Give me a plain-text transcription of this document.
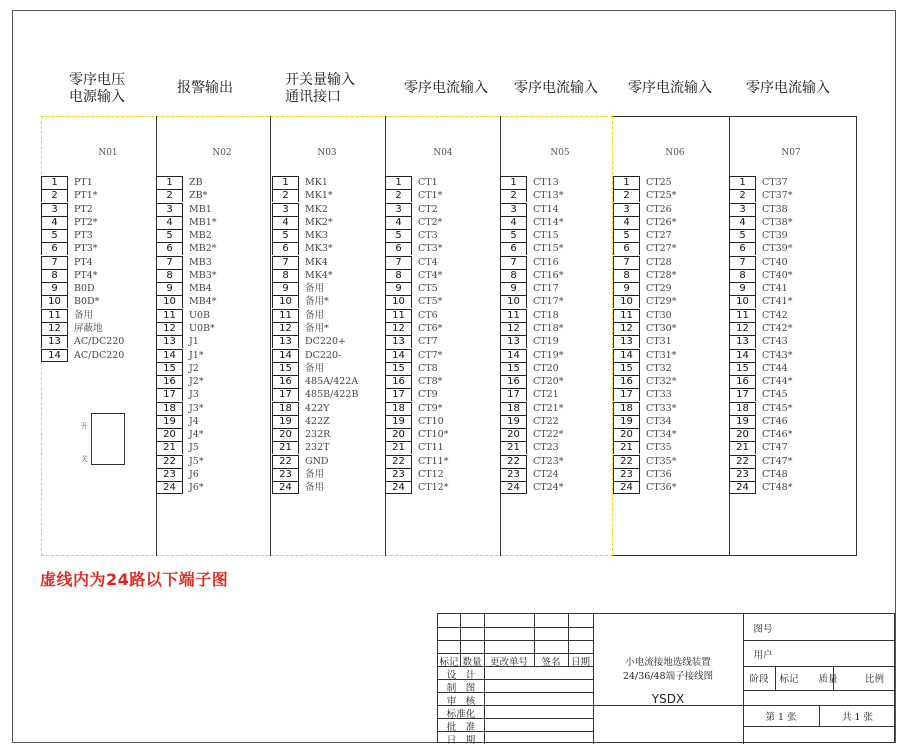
零序电压
电源输入
报警输出	开关量输入
通讯接口
零序电流输入	零序电流输入	零序电流输入	零序电流输入
N01
1	PT1
2	PT1*
3	PT2
4	PT2*
5	PT3
6	PT3*
7	PT4
8	PT4*
9	B0D
10	B0D*
11	备用
12	屏蔽地
13	AC/DC220
14	AC/DC220
N02
1	ZB
2	ZB*
3	MB1
4	MB1*
5	MB2
6	MB2*
7	MB3
8	MB3*
9	MB4
10	MB4*
11	U0B
12	U0B*
13	J1
14	J1*
15	J2
16	J2*
17	J3
18	J3*
19	J4
20	J4*
21	J5
22	J5*
23	J6
24	J6*
N03
1	MK1
2	MK1*
3	MK2
4	MK2*
5	MK3
6	MK3*
7	MK4
8	MK4*
9	备用
10	备用*
11	备用
12	备用*
13	DC220+
14	DC220-
15	备用
16	485A/422A
17	485B/422B
18	422Y
19	422Z
20	232R
21	232T
22	GND
23	备用
24	备用
N04
1	CT1
2	CT1*
3	CT2
4	CT2*
5	CT3
6	CT3*
7	CT4
8	CT4*
9	CT5
10	CT5*
11	CT6
12	CT6*
13	CT7
14	CT7*
15	CT8
16	CT8*
17	CT9
18	CT9*
19	CT10
20	CT10*
21	CT11
22	CT11*
23	CT12
24	CT12*
N05
1	CT13
2	CT13*
3	CT14
4	CT14*
5	CT15
6	CT15*
7	CT16
8	CT16*
9	CT17
10	CT17*
11	CT18
12	CT18*
13	CT19
14	CT19*
15	CT20
16	CT20*
17	CT21
18	CT21*
19	CT22
20	CT22*
21	CT23
22	CT23*
23	CT24
24	CT24*
N06
1	CT25
2	CT25*
3	CT26
4	CT26*
5	CT27
6	CT27*
7	CT28
8	CT28*
9	CT29
10	CT29*
11	CT30
12	CT30*
13	CT31
14	CT31*
15	CT32
16	CT32*
17	CT33
18	CT33*
19	CT34
20	CT34*
21	CT35
22	CT35*
23	CT36
24	CT36*
N07
1	CT37
2	CT37*
3	CT38
4	CT38*
5	CT39
6	CT39*
7	CT40
8	CT40*
9	CT41
10	CT41*
11	CT42
12	CT42*
13	CT43
14	CT43*
15	CT44
16	CT44*
17	CT45
18	CT45*
19	CT46
20	CT46*
21	CT47
22	CT47*
23	CT48
24	CT48*
开
关
虚线内为24路以下端子图
标记 数量 更改单号	签名	日期
设　计
制　图
审　核
标准化
批　准
日　期
小电流接地选线装置
24/36/48端子接线图
YSDX
图号
用户
阶段	标记	质量	比例
第 1 张	共 1 张
